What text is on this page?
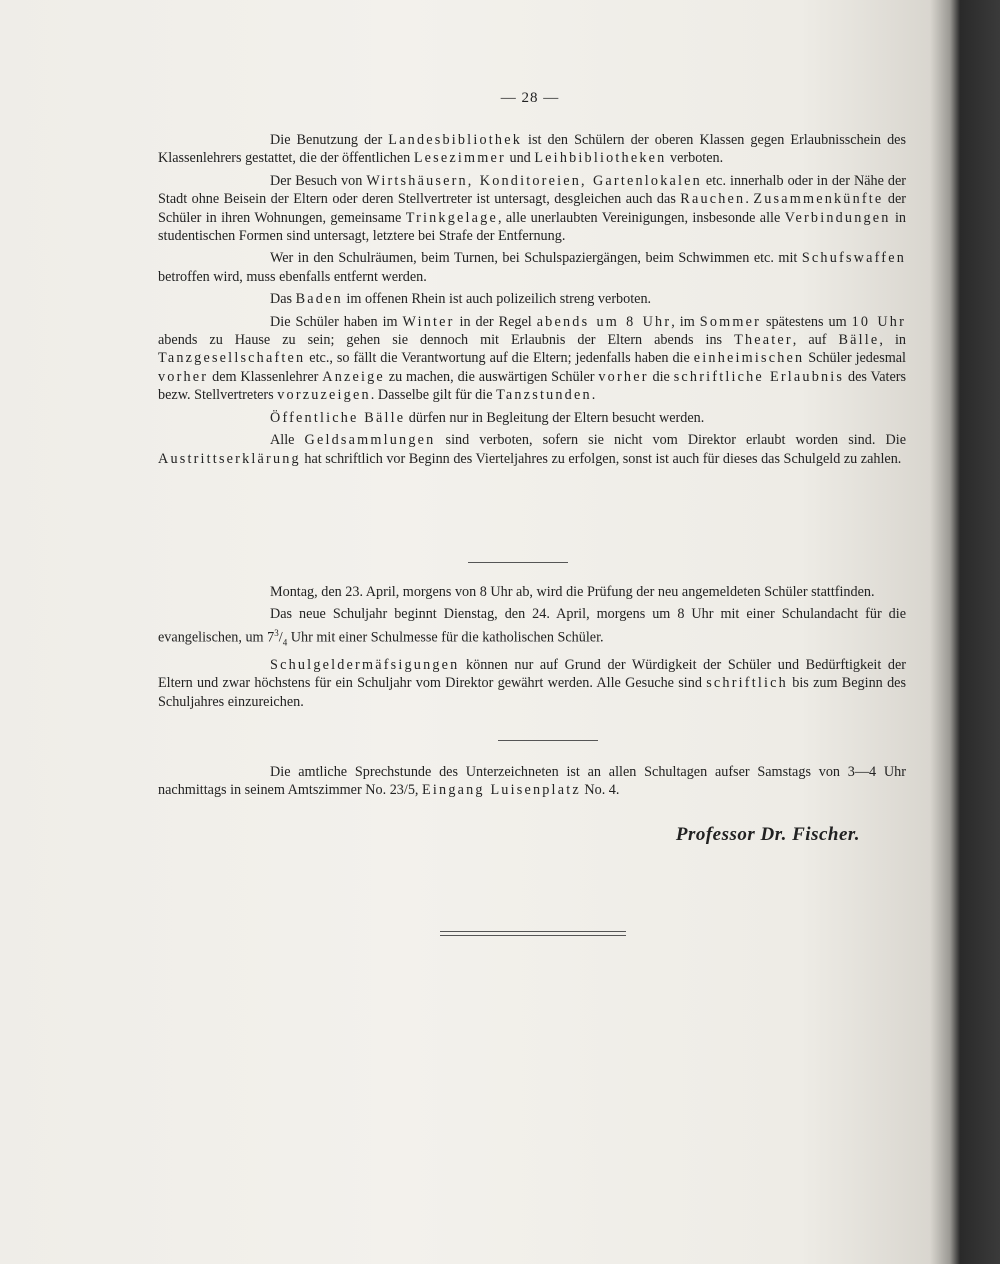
— 28 —

Die Benutzung der Landesbibliothek ist den Schülern der oberen Klassen gegen Erlaubnisschein des Klassenlehrers gestattet, die der öffentlichen Lesezimmer und Leihbibliotheken verboten.

Der Besuch von Wirtshäusern, Konditoreien, Gartenlokalen etc. innerhalb oder in der Nähe der Stadt ohne Beisein der Eltern oder deren Stellvertreter ist untersagt, desgleichen auch das Rauchen. Zusammenkünfte der Schüler in ihren Wohnungen, gemeinsame Trinkgelage, alle unerlaubten Vereinigungen, insbesonde alle Verbindungen in studentischen Formen sind untersagt, letztere bei Strafe der Entfernung.

Wer in den Schulräumen, beim Turnen, bei Schulspaziergängen, beim Schwimmen etc. mit Schufswaffen betroffen wird, muss ebenfalls entfernt werden.

Das Baden im offenen Rhein ist auch polizeilich streng verboten.

Die Schüler haben im Winter in der Regel abends um 8 Uhr, im Sommer spätestens um 10 Uhr abends zu Hause zu sein; gehen sie dennoch mit Erlaubnis der Eltern abends ins Theater, auf Bälle, in Tanzgesellschaften etc., so fällt die Verantwortung auf die Eltern; jedenfalls haben die einheimischen Schüler jedesmal vorher dem Klassenlehrer Anzeige zu machen, die auswärtigen Schüler vorher die schriftliche Erlaubnis des Vaters bezw. Stellvertreters vorzuzeigen. Dasselbe gilt für die Tanzstunden.

Öffentliche Bälle dürfen nur in Begleitung der Eltern besucht werden.

Alle Geldsammlungen sind verboten, sofern sie nicht vom Direktor erlaubt worden sind. Die Austrittserklärung hat schriftlich vor Beginn des Vierteljahres zu erfolgen, sonst ist auch für dieses das Schulgeld zu zahlen.

Montag, den 23. April, morgens von 8 Uhr ab, wird die Prüfung der neu angemeldeten Schüler stattfinden.

Das neue Schuljahr beginnt Dienstag, den 24. April, morgens um 8 Uhr mit einer Schulandacht für die evangelischen, um $7^3/_4$ Uhr mit einer Schulmesse für die katholischen Schüler.

Schulgeldermäfsigungen können nur auf Grund der Würdigkeit der Schüler und Bedürftigkeit der Eltern und zwar höchstens für ein Schuljahr vom Direktor gewährt werden. Alle Gesuche sind schriftlich bis zum Beginn des Schuljahres einzureichen.

Die amtliche Sprechstunde des Unterzeichneten ist an allen Schultagen aufser Samstags von 3—4 Uhr nachmittags in seinem Amtszimmer No. 23/5, Eingang Luisenplatz No. 4.

Professor Dr. Fischer.
